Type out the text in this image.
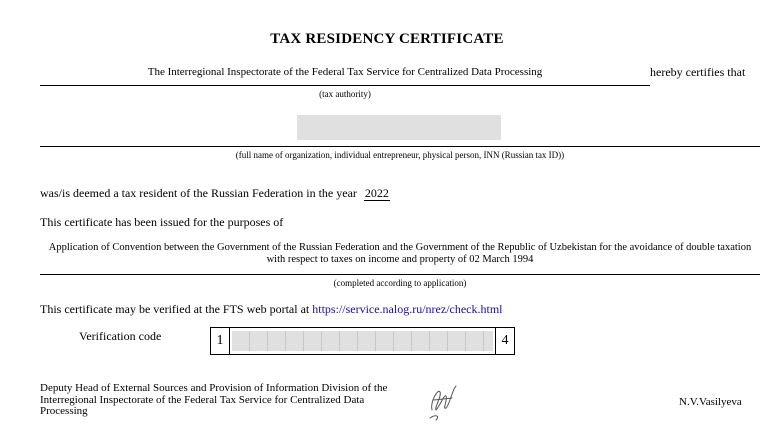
TAX RESIDENCY CERTIFICATE
The Interregional Inspectorate of the Federal Tax Service for Centralized Data Processing	hereby certifies that
(tax authority)
(full name of organization, individual entrepreneur, physical person, INN (Russian tax ID))
was/is deemed a tax resident of the Russian Federation in the year 2022
This certificate has been issued for the purposes of
Application of Convention between the Government of the Russian Federation and the Government of the Republic of Uzbekistan for the avoidance of double taxation with respect to taxes on income and property of 02 March 1994
(completed according to application)
This certificate may be verified at the FTS web portal at https://service.nalog.ru/nrez/check.html
Verification code	1	4
Deputy Head of External Sources and Provision of Information Division of the Interregional Inspectorate of the Federal Tax Service for Centralized Data Processing
N.V.Vasilyeva
